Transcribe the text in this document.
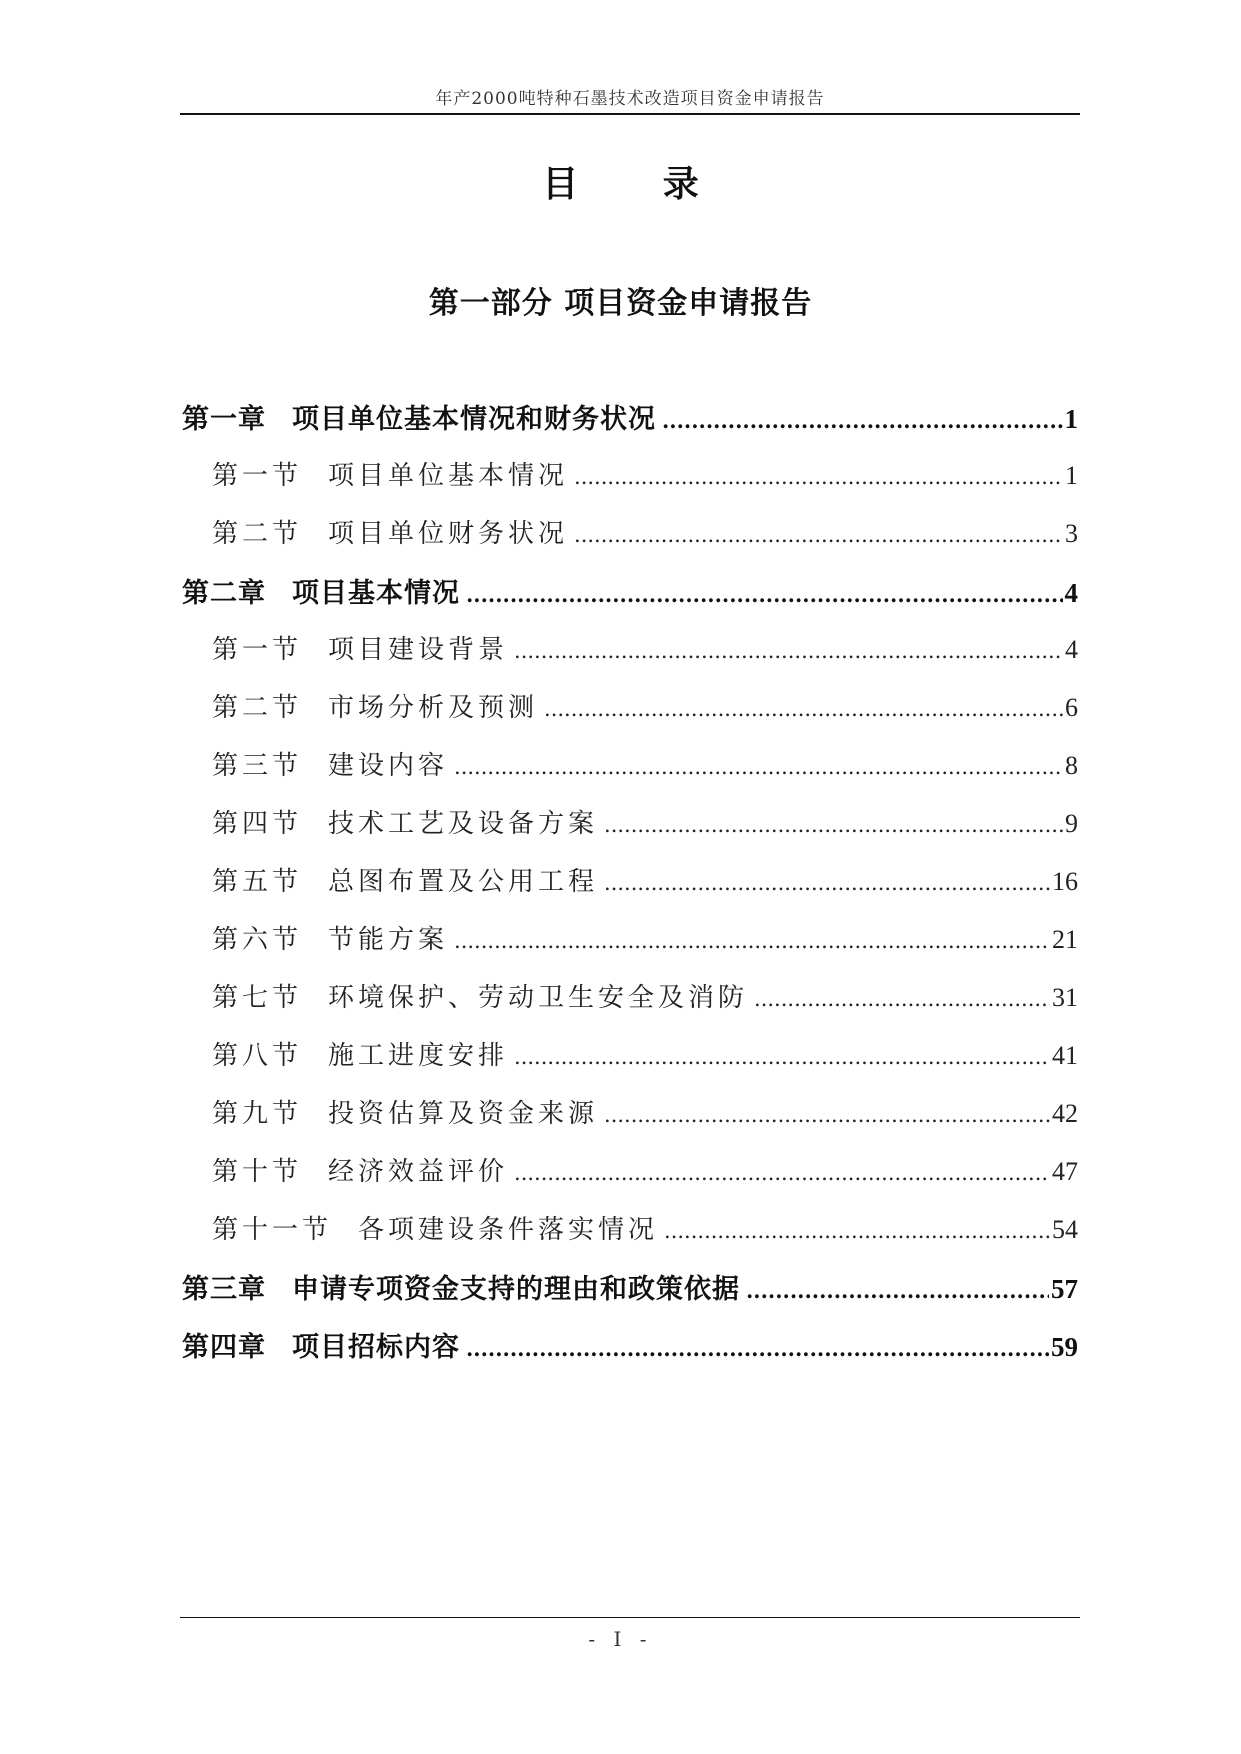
年产2000吨特种石墨技术改造项目资金申请报告
目 录
第一部分 项目资金申请报告
第一章 项目单位基本情况和财务状况 .....	1
第一节 项目单位基本情况 .....	1
第二节 项目单位财务状况 .....	3
第二章 项目基本情况 .....	4
第一节 项目建设背景 .....	4
第二节 市场分析及预测 .....	6
第三节 建设内容 .....	8
第四节 技术工艺及设备方案 .....	9
第五节 总图布置及公用工程 .....	16
第六节 节能方案 .....	21
第七节 环境保护、劳动卫生安全及消防 .....	31
第八节 施工进度安排 .....	41
第九节 投资估算及资金来源 .....	42
第十节 经济效益评价 .....	47
第十一节 各项建设条件落实情况 .....	54
第三章 申请专项资金支持的理由和政策依据 .....	57
第四章 项目招标内容 .....	59
- I -
